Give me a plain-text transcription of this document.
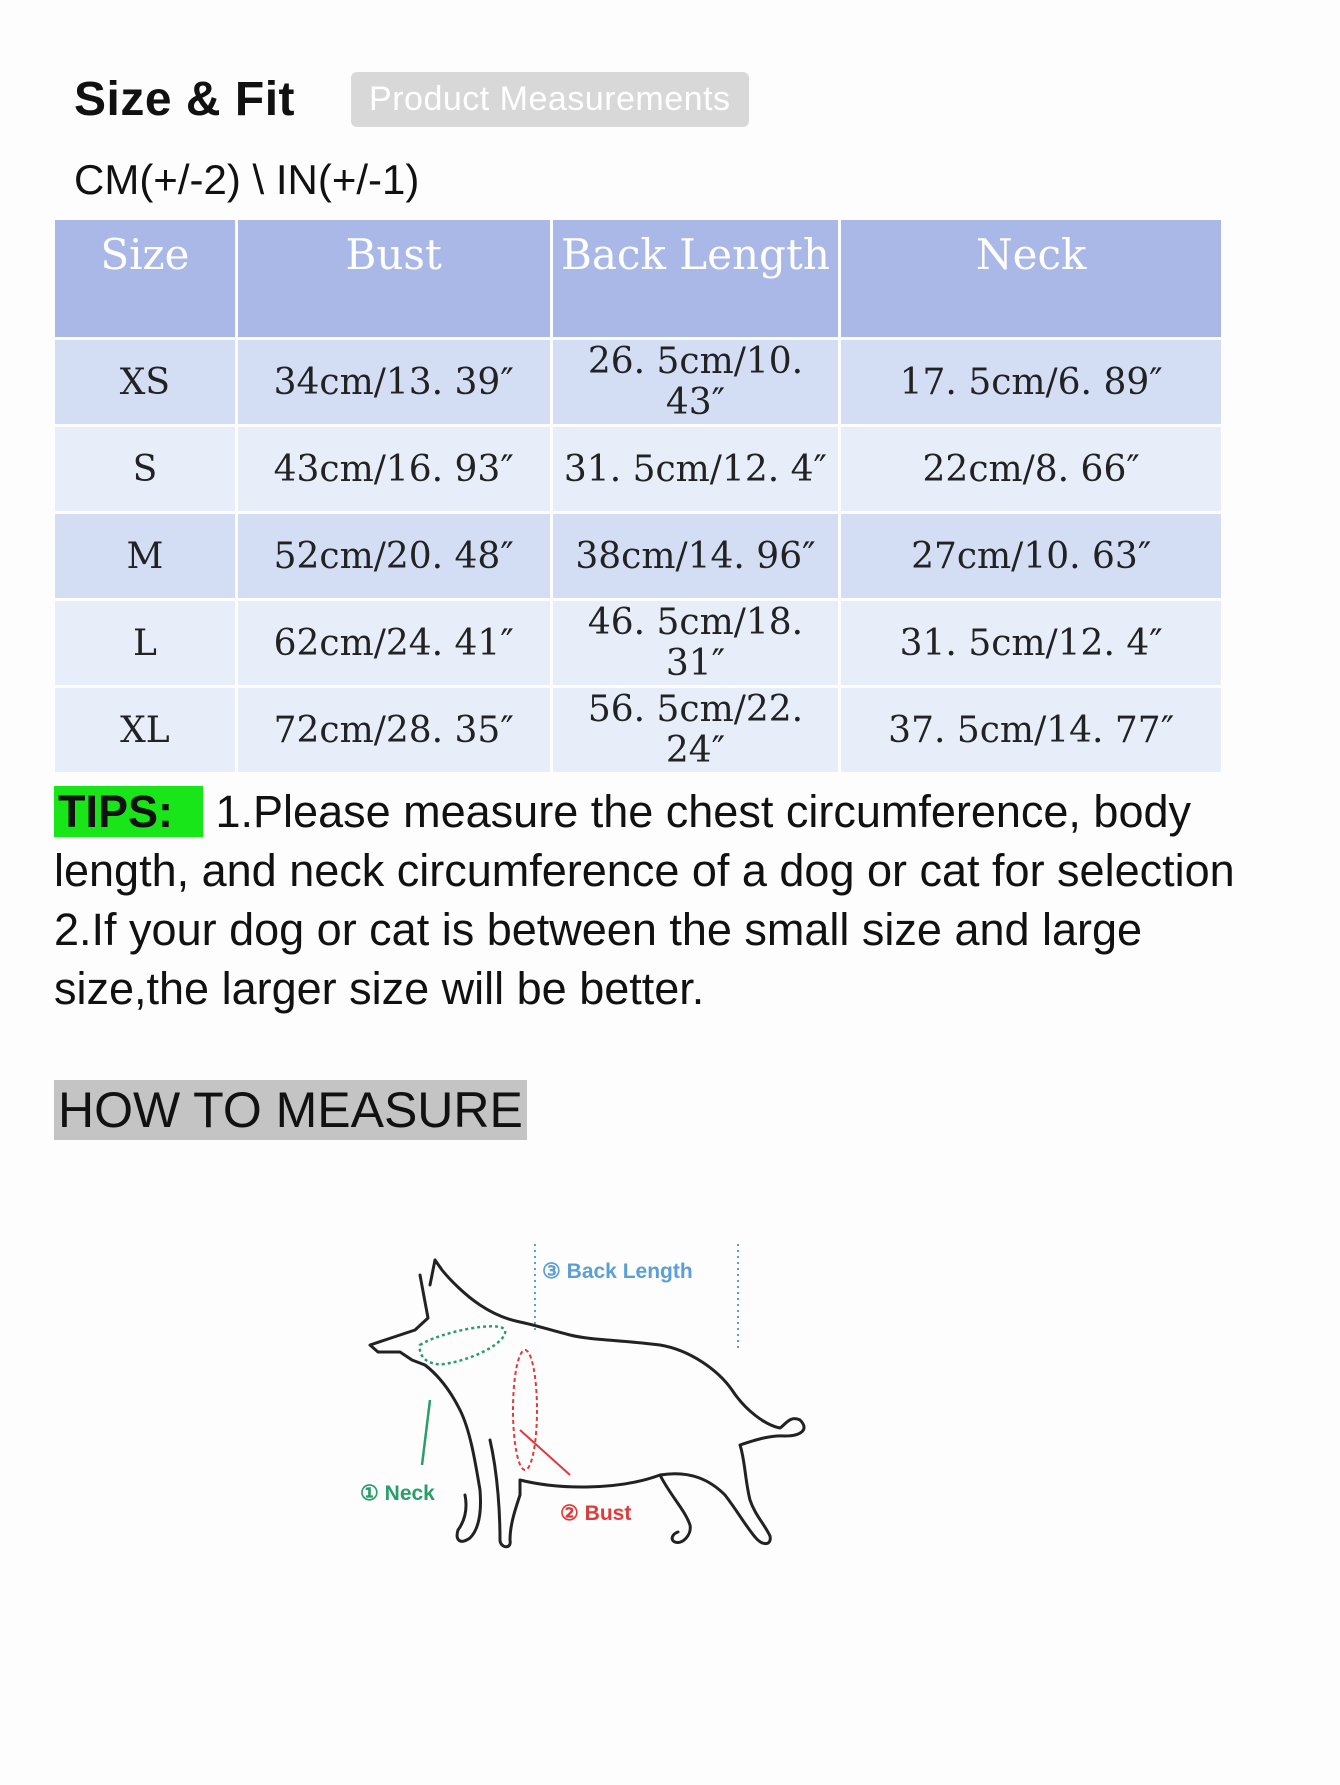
Size & Fit	Product Measurements
CM(+/-2) \ IN(+/-1)
Size	Bust	Back Length	Neck
XS	34cm/13. 39″	26. 5cm/10. 43″	17. 5cm/6. 89″
S	43cm/16. 93″	31. 5cm/12. 4″	22cm/8. 66″
M	52cm/20. 48″	38cm/14. 96″	27cm/10. 63″
L	62cm/24. 41″	46. 5cm/18. 31″	31. 5cm/12. 4″
XL	72cm/28. 35″	56. 5cm/22. 24″	37. 5cm/14. 77″
TIPS: 1.Please measure the chest circumference, body length, and neck circumference of a dog or cat for selection
2.If your dog or cat is between the small size and large size,the larger size will be better.
HOW TO MEASURE
③ Back Length
① Neck
② Bust
